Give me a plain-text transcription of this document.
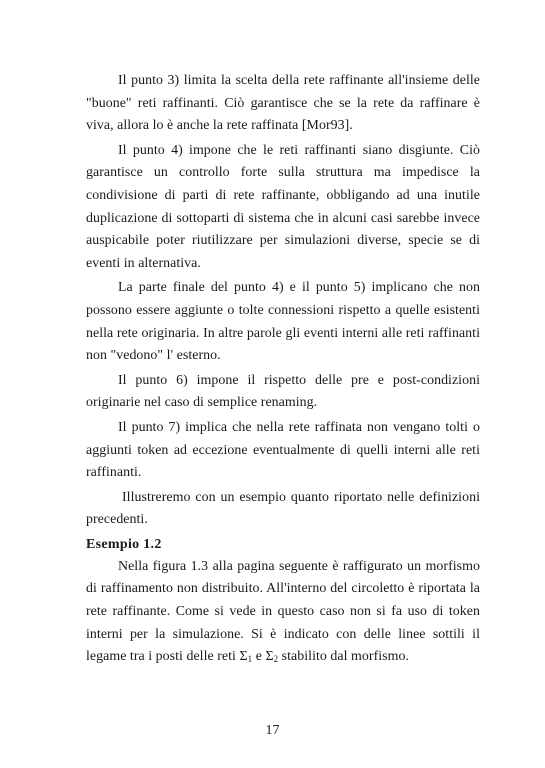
Il punto 3) limita la scelta della rete raffinante all'insieme delle "buone" reti raffinanti. Ciò garantisce che se la rete da raffinare è viva, allora lo è anche la rete raffinata [Mor93].

Il punto 4) impone che le reti raffinanti siano disgiunte. Ciò garantisce un controllo forte sulla struttura ma impedisce la condivisione di parti di rete raffinante, obbligando ad una inutile duplicazione di sottoparti di sistema che in alcuni casi sarebbe invece auspicabile poter riutilizzare per simulazioni diverse, specie se di eventi in alternativa.

La parte finale del punto 4) e il punto 5) implicano che non possono essere aggiunte o tolte connessioni rispetto a quelle esistenti nella rete originaria. In altre parole gli eventi interni alle reti raffinanti non "vedono" l' esterno.

Il punto 6) impone il rispetto delle pre e post-condizioni originarie nel caso di semplice renaming.

Il punto 7) implica che nella rete raffinata non vengano tolti o aggiunti token ad eccezione eventualmente di quelli interni alle reti raffinanti.

Illustreremo con un esempio quanto riportato nelle definizioni precedenti.

Esempio 1.2

Nella figura 1.3 alla pagina seguente è raffigurato un morfismo di raffinamento non distribuito. All'interno del circoletto è riportata la rete raffinante. Come si vede in questo caso non si fa uso di token interni per la simulazione. Si è indicato con delle linee sottili il legame tra i posti delle reti Σ1 e Σ2 stabilito dal morfismo.

17
